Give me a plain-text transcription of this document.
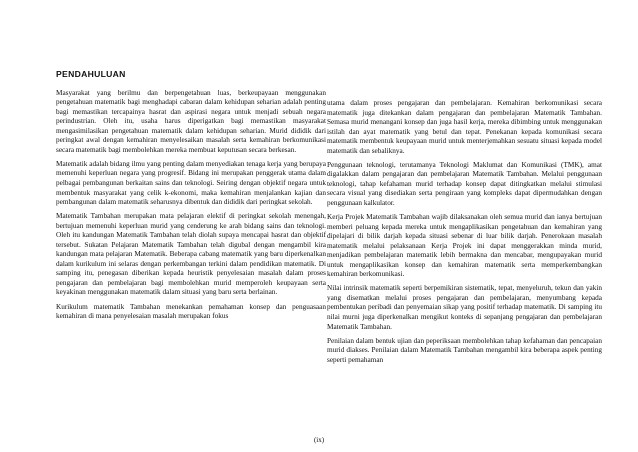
PENDAHULUAN

Masyarakat yang berilmu dan berpengetahuan luas, berkeupayaan menggunakan pengetahuan matematik bagi menghadapi cabaran dalam kehidupan seharian adalah penting bagi memastikan tercapainya hasrat dan aspirasi negara untuk menjadi sebuah negara perindustrian. Oleh itu, usaha harus diperigatkan bagi memastikan masyarakat mengasimilasikan pengetahuan matematik dalam kehidupan seharian. Murid dididik dari peringkat awal dengan kemahiran menyelesaikan masalah serta kemahiran berkomunikasi secara matematik bagi membolehkan mereka membuat keputusan secara berkesan.

Matematik adalah bidang ilmu yang penting dalam menyediakan tenaga kerja yang berupaya memenuhi keperluan negara yang progresif. Bidang ini merupakan penggerak utama dalam pelbagai pembangunan berkaitan sains dan teknologi. Seiring dengan objektif negara untuk membentuk masyarakat yang celik k-ekonomi, maka kemahiran menjalankan kajian dan pembangunan dalam matematik seharusnya dibentuk dan dididik dari peringkat sekolah.

Matematik Tambahan merupakan mata pelajaran elektif di peringkat sekolah menengah, bertujuan memenuhi keperluan murid yang cenderung ke arah bidang sains dan teknologi. Oleh itu kandungan Matematik Tambahan telah diolah supaya mencapai hasrat dan objektif tersebut. Sukatan Pelajaran Matematik Tambahan telah digubal dengan mengambil kira kandungan mata pelajaran Matematik. Beberapa cabang matematik yang baru diperkenalkan dalam kurikulum ini selaras dengan perkembangan terkini dalam pendidikan matematik. Di samping itu, penegasan diberikan kepada heuristik penyelesaian masalah dalam proses pengajaran dan pembelajaran bagi membolehkan murid memperoleh keupayaan serta keyakinan menggunakan matematik dalam situasi yang baru serta berlainan.

Kurikulum matematik Tambahan menekankan pemahaman konsep dan penguasaan kemahiran di mana penyelesaian masalah merupakan fokus

utama dalam proses pengajaran dan pembelajaran. Kemahiran berkomunikasi secara matematik juga ditekankan dalam pengajaran dan pembelajaran Matematik Tambahan. Semasa murid menangani konsep dan juga hasil kerja, mereka dibimbing untuk menggunakan istilah dan ayat matematik yang betul dan tepat. Penekanan kepada komunikasi secara matematik membentuk keupayaan murid untuk menterjemahkan sesuatu situasi kepada model matematik dan sebaliknya.

Penggunaan teknologi, terutamanya Teknologi Maklumat dan Komunikasi (TMK), amat digalakkan dalam pengajaran dan pembelajaran Matematik Tambahan. Melalui penggunaan teknologi, tahap kefahaman murid terhadap konsep dapat ditingkatkan melalui stimulasi secara visual yang disediakan serta pengiraan yang kompleks dapat dipermudahkan dengan penggunaan kalkulator.

Kerja Projek Matematik Tambahan wajib dilaksanakan oleh semua murid dan ianya bertujuan memberi peluang kepada mereka untuk mengaplikasikan pengetahuan dan kemahiran yang dipelajari di bilik darjah kepada situasi sebenar di luar bilik darjah. Penerokaan masalah matematik melalui pelaksanaan Kerja Projek ini dapat menggerakkan minda murid, menjadikan pembelajaran matematik lebih bermakna dan mencabar, mengupayakan murid untuk mengaplikasikan konsep dan kemahiran matematik serta memperkembangkan kemahiran berkomunikasi.

Nilai intrinsik matematik seperti berpemikiran sistematik, tepat, menyeluruh, tekun dan yakin yang disematkan melalui proses pengajaran dan pembelajaran, menyumbang kepada pembentukan peribadi dan penyemaian sikap yang positif terhadap matematik. Di samping itu nilai murni juga diperkenalkan mengikut konteks di sepanjang pengajaran dan pembelajaran Matematik Tambahan.

Penilaian dalam bentuk ujian dan peperiksaan membolehkan tahap kefahaman dan pencapaian murid diakses. Penilaian dalam Matematik Tambahan mengambil kira beberapa aspek penting seperti pemahaman

(ix)
